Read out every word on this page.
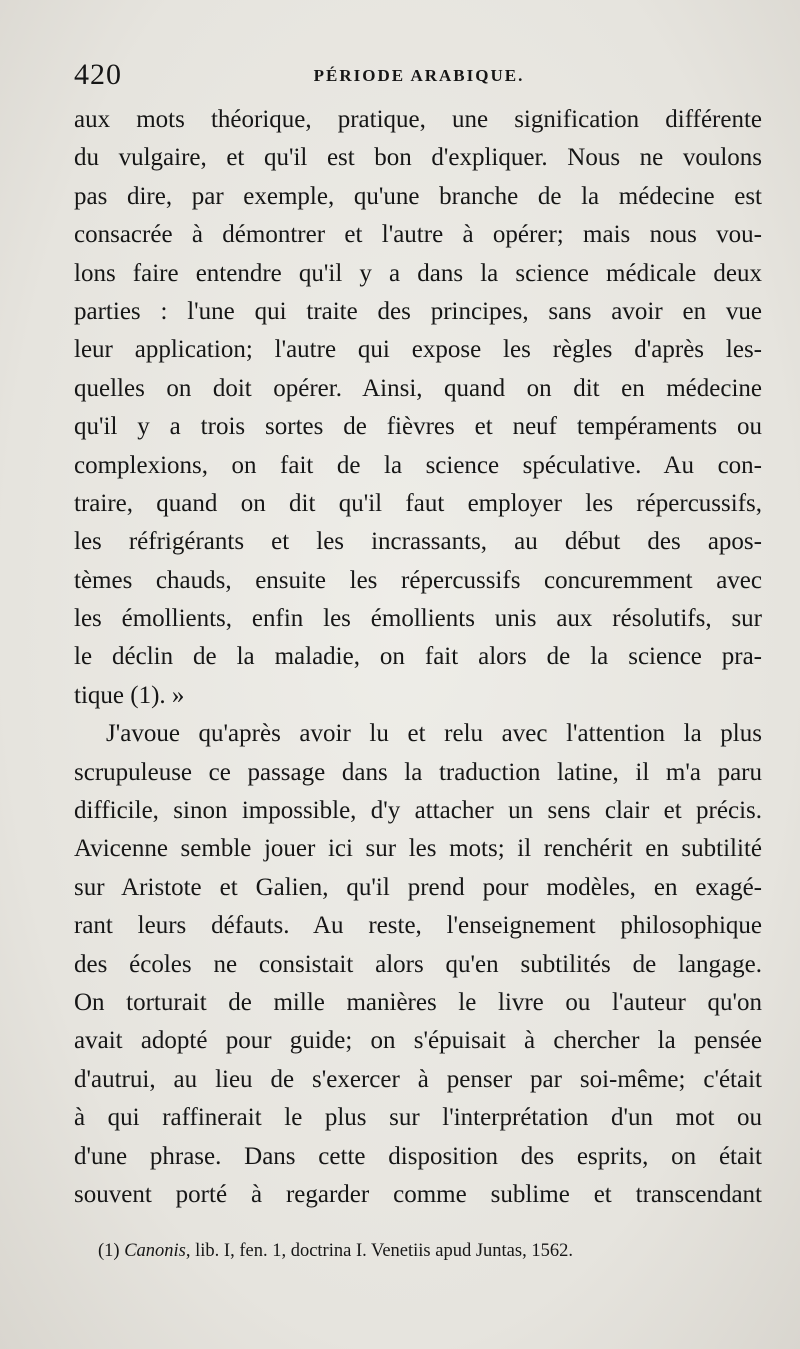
420	PÉRIODE ARABIQUE.
aux mots théorique, pratique, une signification différente
du vulgaire, et qu'il est bon d'expliquer. Nous ne voulons
pas dire, par exemple, qu'une branche de la médecine est
consacrée à démontrer et l'autre à opérer; mais nous vou-
lons faire entendre qu'il y a dans la science médicale deux
parties : l'une qui traite des principes, sans avoir en vue
leur application; l'autre qui expose les règles d'après les-
quelles on doit opérer. Ainsi, quand on dit en médecine
qu'il y a trois sortes de fièvres et neuf tempéraments ou
complexions, on fait de la science spéculative. Au con-
traire, quand on dit qu'il faut employer les répercussifs,
les réfrigérants et les incrassants, au début des apos-
tèmes chauds, ensuite les répercussifs concuremment avec
les émollients, enfin les émollients unis aux résolutifs, sur
le déclin de la maladie, on fait alors de la science pra-
tique (1). »
J'avoue qu'après avoir lu et relu avec l'attention la plus
scrupuleuse ce passage dans la traduction latine, il m'a paru
difficile, sinon impossible, d'y attacher un sens clair et précis.
Avicenne semble jouer ici sur les mots; il renchérit en subtilité
sur Aristote et Galien, qu'il prend pour modèles, en exagé-
rant leurs défauts. Au reste, l'enseignement philosophique
des écoles ne consistait alors qu'en subtilités de langage.
On torturait de mille manières le livre ou l'auteur qu'on
avait adopté pour guide; on s'épuisait à chercher la pensée
d'autrui, au lieu de s'exercer à penser par soi-même; c'était
à qui raffinerait le plus sur l'interprétation d'un mot ou
d'une phrase. Dans cette disposition des esprits, on était
souvent porté à regarder comme sublime et transcendant
(1) Canonis, lib. I, fen. 1, doctrina I. Venetiis apud Juntas, 1562.
